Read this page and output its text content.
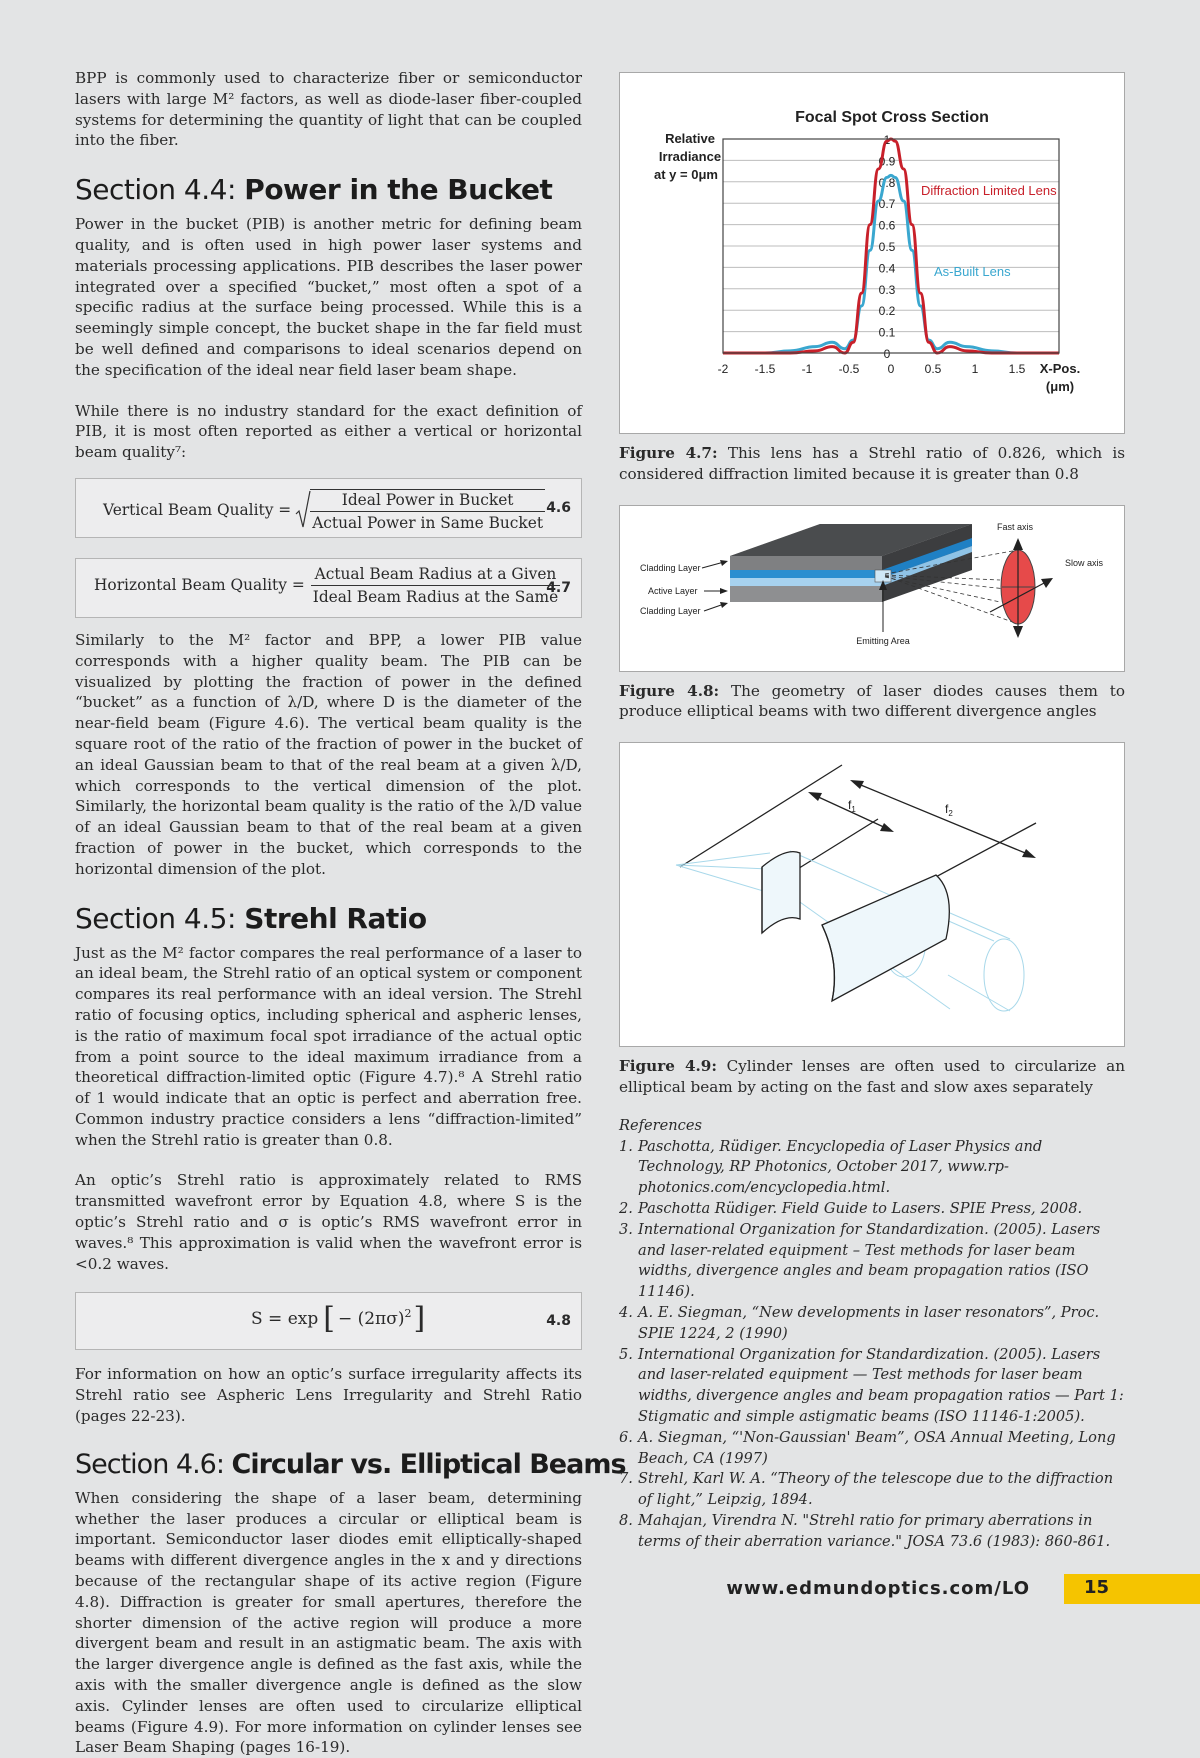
BPP is commonly used to characterize fiber or semiconductor lasers with large M² factors, as well as diode-laser fiber-coupled systems for determining the quantity of light that can be coupled into the fiber.

Section 4.4: Power in the Bucket

Power in the bucket (PIB) is another metric for defining beam quality, and is often used in high power laser systems and materials processing applications. PIB describes the laser power integrated over a specified “bucket,” most often a spot of a specific radius at the surface being processed. While this is a seemingly simple concept, the bucket shape in the far field must be well defined and comparisons to ideal scenarios depend on the specification of the ideal near field laser beam shape.

While there is no industry standard for the exact definition of PIB, it is most often reported as either a vertical or horizontal beam quality⁷:

Vertical Beam Quality = $\frac{\text{Ideal Power in Bucket}}{\text{Actual Power in Same Bucket}} 4.6$
Horizontal Beam Quality = $\frac{\text{Actual Beam Radius at a Given}}{\text{Ideal Beam Radius at the Same}}$
4.7

Similarly to the M² factor and BPP, a lower PIB value corresponds with a higher quality beam. The PIB can be visualized by plotting the fraction of power in the defined “bucket” as a function of λ/D, where D is the diameter of the near-field beam (Figure 4.6). The vertical beam quality is the square root of the ratio of the fraction of power in the bucket of an ideal Gaussian beam to that of the real beam at a given λ/D, which corresponds to the vertical dimension of the plot. Similarly, the horizontal beam quality is the ratio of the λ/D value of an ideal Gaussian beam to that of the real beam at a given fraction of power in the bucket, which corresponds to the horizontal dimension of the plot.

Section 4.5: Strehl Ratio

Just as the M² factor compares the real performance of a laser to an ideal beam, the Strehl ratio of an optical system or component compares its real performance with an ideal version. The Strehl ratio of focusing optics, including spherical and aspheric lenses, is the ratio of maximum focal spot irradiance of the actual optic from a point source to the ideal maximum irradiance from a theoretical diffraction-limited optic (Figure 4.7).⁸ A Strehl ratio of 1 would indicate that an optic is perfect and aberration free. Common industry practice considers a lens “diffraction-limited” when the Strehl ratio is greater than 0.8.

An optic’s Strehl ratio is approximately related to RMS transmitted wavefront error by Equation 4.8, where S is the optic’s Strehl ratio and σ is optic’s RMS wavefront error in waves.⁸ This approximation is valid when the wavefront error is <0.2 waves.

S = exp [ − $(2\pi\sigma)^2$ ]	4.8

For information on how an optic’s surface irregularity affects its Strehl ratio see Aspheric Lens Irregularity and Strehl Ratio (pages 22-23).

Section 4.6: Circular vs. Elliptical Beams

When considering the shape of a laser beam, determining whether the laser produces a circular or elliptical beam is important. Semiconductor laser diodes emit elliptically-shaped beams with different divergence angles in the x and y directions because of the rectangular shape of its active region (Figure 4.8). Diffraction is greater for small apertures, therefore the shorter dimension of the active region will produce a more divergent beam and result in an astigmatic beam. The axis with the larger divergence angle is defined as the fast axis, while the axis with the smaller divergence angle is defined as the slow axis. Cylinder lenses are often used to circularize elliptical beams (Figure 4.9). For more information on cylinder lenses see Laser Beam Shaping (pages 16-19).

Focal Spot Cross Section
Relative
Irradiance
at y = 0μm
0
0.1
0.2
0.3
0.4
0.5
0.6
0.7
0.8
0.9
1
-2 -1.5 -1 -0.5 0	0.5	1	1.5
Diffraction Limited Lens
As-Built Lens
X-Pos.
(μm)
Figure 4.7: This lens has a Strehl ratio of 0.826, which is considered diffraction limited because it is greater than 0.8
Fast axis
Slow axis
Cladding Layer
Active Layer
Cladding Layer
Emitting Area
Figure 4.8: The geometry of laser diodes causes them to produce elliptical beams with two different divergence angles
$f_1$	$f_2$
Figure 4.9: Cylinder lenses are often used to circularize an elliptical beam by acting on the fast and slow axes separately
References
1. Paschotta, Rüdiger. Encyclopedia of Laser Physics and Technology, RP Photonics, October 2017, www.rp-photonics.com/encyclopedia.html.
2. Paschotta Rüdiger. Field Guide to Lasers. SPIE Press, 2008.
3. International Organization for Standardization. (2005). Lasers and laser-related equipment – Test methods for laser beam widths, divergence angles and beam propagation ratios (ISO 11146).
4. A. E. Siegman, “New developments in laser resonators”, Proc. SPIE 1224, 2 (1990)
5. International Organization for Standardization. (2005). Lasers and laser-related equipment — Test methods for laser beam widths, divergence angles and beam propagation ratios — Part 1: Stigmatic and simple astigmatic beams (ISO 11146-1:2005).
6. A. Siegman, “'Non-Gaussian' Beam”, OSA Annual Meeting, Long Beach, CA (1997)
7. Strehl, Karl W. A. “Theory of the telescope due to the diffraction of light,” Leipzig, 1894.
8. Mahajan, Virendra N. "Strehl ratio for primary aberrations in terms of their aberration variance." JOSA 73.6 (1983): 860-861.
www.edmundoptics.com/LO	15
